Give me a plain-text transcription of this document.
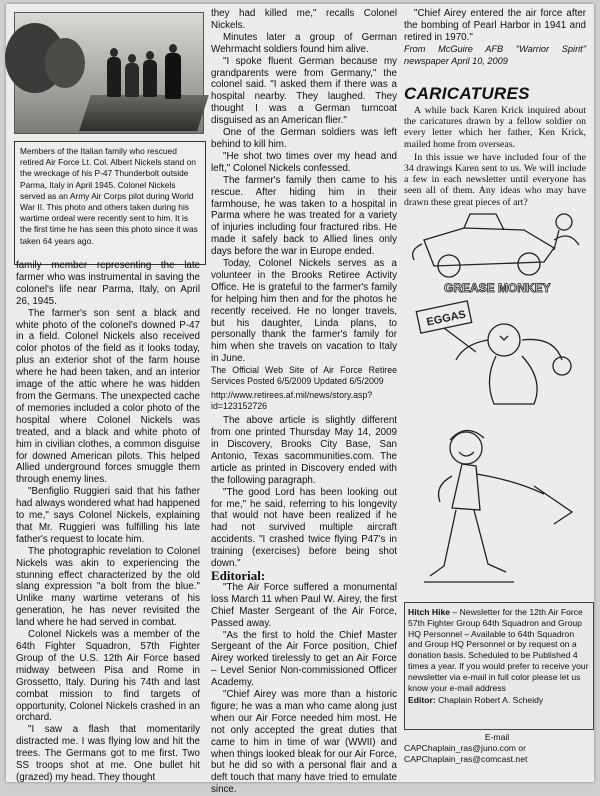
Members of the Italian family who rescued retired Air Force Lt. Col. Albert Nickels stand on the wreckage of his P-47 Thunderbolt outside Parma, Italy in April 1945. Colonel Nickels served as an Army Air Corps pilot during World War II. This photo and others taken during his wartime ordeal were recently sent to him. It is the first time he has seen this photo since it was taken 64 years ago.

family member representing the late farmer who was instrumental in saving the colonel's life near Parma, Italy, on April 26, 1945.

The farmer's son sent a black and white photo of the colonel's downed P-47 in a field. Colonel Nickels also received color photos of the field as it looks today, plus an exterior shot of the farm house where he had been taken, and an interior image of the attic where he was hidden from the Germans. The unexpected cache of memories included a color photo of the hospital where Colonel Nickels was treated, and a black and white photo of him in civilian clothes, a common disguise for downed American pilots. This helped Allied underground forces smuggle them through enemy lines.

"Benfiglio Ruggieri said that his father had always wondered what had happened to me," says Colonel Nickels, explaining that Mr. Ruggieri was fulfilling his late father's request to locate him.

The photographic revelation to Colonel Nickels was akin to experiencing the stunning effect characterized by the old slang expression "a bolt from the blue." Unlike many wartime veterans of his generation, he has never revisited the land where he had served in combat.

Colonel Nickels was a member of the 64th Fighter Squadron, 57th Fighter Group of the U.S. 12th Air Force based midway between Pisa and Rome in Grossetto, Italy. During his 74th and last combat mission to find targets of opportunity, Colonel Nickels crashed in an orchard.

"I saw a flash that momentarily distracted me. I was flying low and hit the trees. The Germans got to me first. Two SS troops shot at me. One bullet hit (grazed) my head. They thought

they had killed me," recalls Colonel Nickels.

Minutes later a group of German Wehrmacht soldiers found him alive.

"I spoke fluent German because my grandparents were from Germany," the colonel said. "I asked them if there was a hospital nearby. They laughed. They thought I was a German turncoat disguised as an American flier."

One of the German soldiers was left behind to kill him.

"He shot two times over my head and left," Colonel Nickels confessed.

The farmer's family then came to his rescue. After hiding him in their farmhouse, he was taken to a hospital in Parma where he was treated for a variety of injuries including four fractured ribs. He made it safely back to Allied lines only days before the war in Europe ended.

Today, Colonel Nickels serves as a volunteer in the Brooks Retiree Activity Office. He is grateful to the farmer's family for helping him then and for the photos he recently received. He no longer travels, but his daughter, Linda plans, to personally thank the farmer's family for him when she travels on vacation to Italy in June.

The Official Web Site of Air Force Retiree Services Posted 6/5/2009 Updated 6/5/2009

http://www.retirees.af.mil/news/story.asp?id=123152726

The above article is slightly different from one printed Thursday May 14, 2009 in Discovery, Brooks City Base, San Antonio, Texas sacommunities.com. The article as printed in Discovery ended with the following paragraph.

"The good Lord has been looking out for me," he said, referring to his longevity that would not have been realized if he had not survived multiple aircraft accidents. "I crashed twice flying P47's in training (exercises) before being shot down."

Editorial:

"The Air Force suffered a monumental loss March 11 when Paul W. Airey, the first Chief Master Sergeant of the Air Force, Passed away.

"As the first to hold the Chief Master Sergeant of the Air Force position, Chief Airey worked tirelessly to get an Air Force – Level Senior Non-commissioned Officer Academy.

"Chief Airey was more than a historic figure; he was a man who came along just when our Air Force needed him most. He not only accepted the great duties that came to him in time of war (WWII) and when things looked bleak for our Air Force, but he did so with a personal flair and a deft touch that many have tried to emulate since.

"Chief Airey entered the air force after the bombing of Pearl Harbor in 1941 and retired in 1970."

From McGuire AFB "Warrior Spirit" newspaper April 10, 2009

CARICATURES

A while back Karen Krick inquired about the caricatures drawn by a fellow soldier on every letter which her father, Ken Krick, mailed home from overseas.

In this issue we have included four of the 34 drawings Karen sent to us. We will include a few in each newsletter until everyone has seen all of them. Any ideas who may have drawn these great pieces of art?

GREASE MONKEY
EGGAS

Hitch Hike – Newsletter for the 12th Air Force 57th Fighter Group 64th Squadron and Group HQ Personnel – Available to 64th Squadron and Group HQ Personnel or by request on a donation basis. Scheduled to be Published 4 times a year. If you would prefer to receive your newsletter via e-mail in full color please let us know your e-mail address

Editor: Chaplain Robert A. Scheidy

E-mail
CAPChaplain_ras@juno.com or
CAPChaplain_ras@comcast.net
